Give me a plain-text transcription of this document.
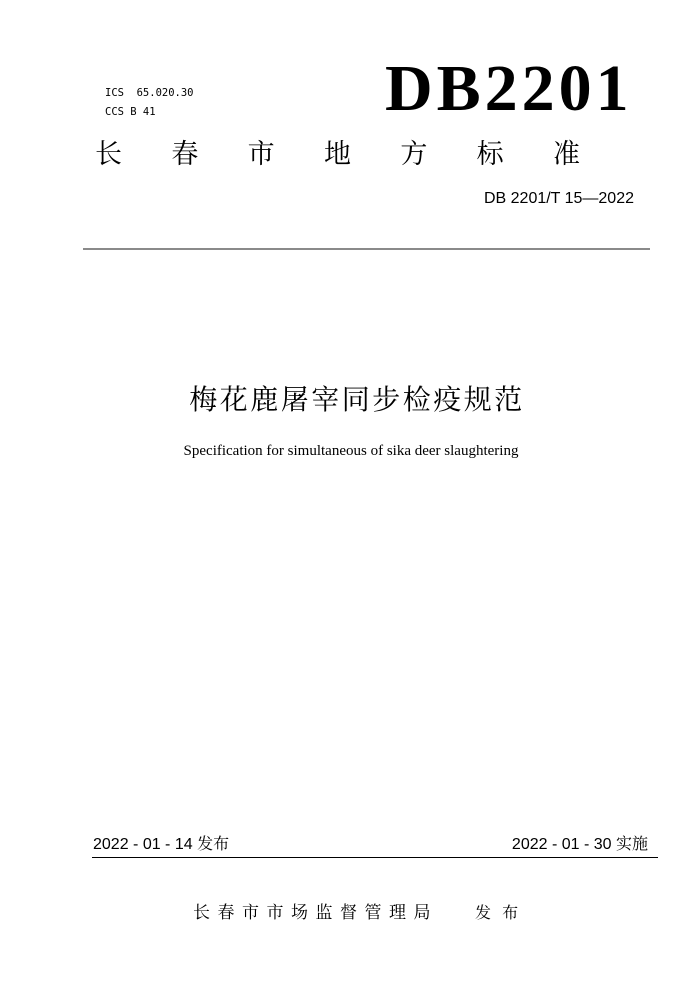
ICS  65.020.30
CCS B 41	DB2201
长 春 市 地 方 标 准
DB 2201/T 15—2022
梅花鹿屠宰同步检疫规范
Specification for simultaneous of sika deer slaughtering
2022 - 01 - 14 发布	2022 - 01 - 30 实施
长春市市场监督管理局 发 布
